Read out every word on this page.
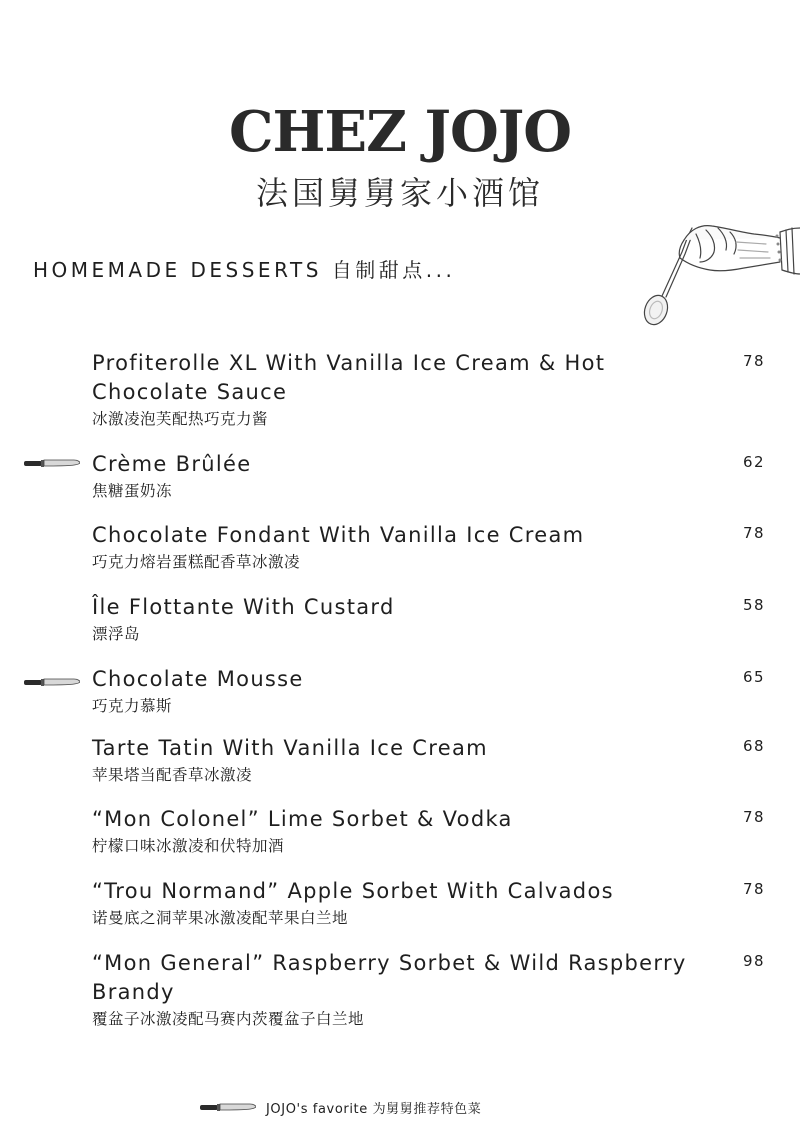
CHEZ JOJO
法国舅舅家小酒馆
HOMEMADE DESSERTS 自制甜点...
Profiterolle XL With Vanilla Ice Cream & Hot Chocolate Sauce
冰激凌泡芙配热巧克力酱
78
Crème Brûlée
焦糖蛋奶冻
62
Chocolate Fondant With Vanilla Ice Cream
巧克力熔岩蛋糕配香草冰激凌
78
Île Flottante With Custard
漂浮岛
58
Chocolate Mousse
巧克力慕斯
65
Tarte Tatin With Vanilla Ice Cream
苹果塔当配香草冰激凌
68
“Mon Colonel” Lime Sorbet & Vodka
柠檬口味冰激凌和伏特加酒
78
“Trou Normand” Apple Sorbet With Calvados
诺曼底之洞苹果冰激凌配苹果白兰地
78
“Mon General” Raspberry Sorbet & Wild Raspberry Brandy
覆盆子冰激凌配马赛内茨覆盆子白兰地
98
JOJO's favorite 为舅舅推荐特色菜
